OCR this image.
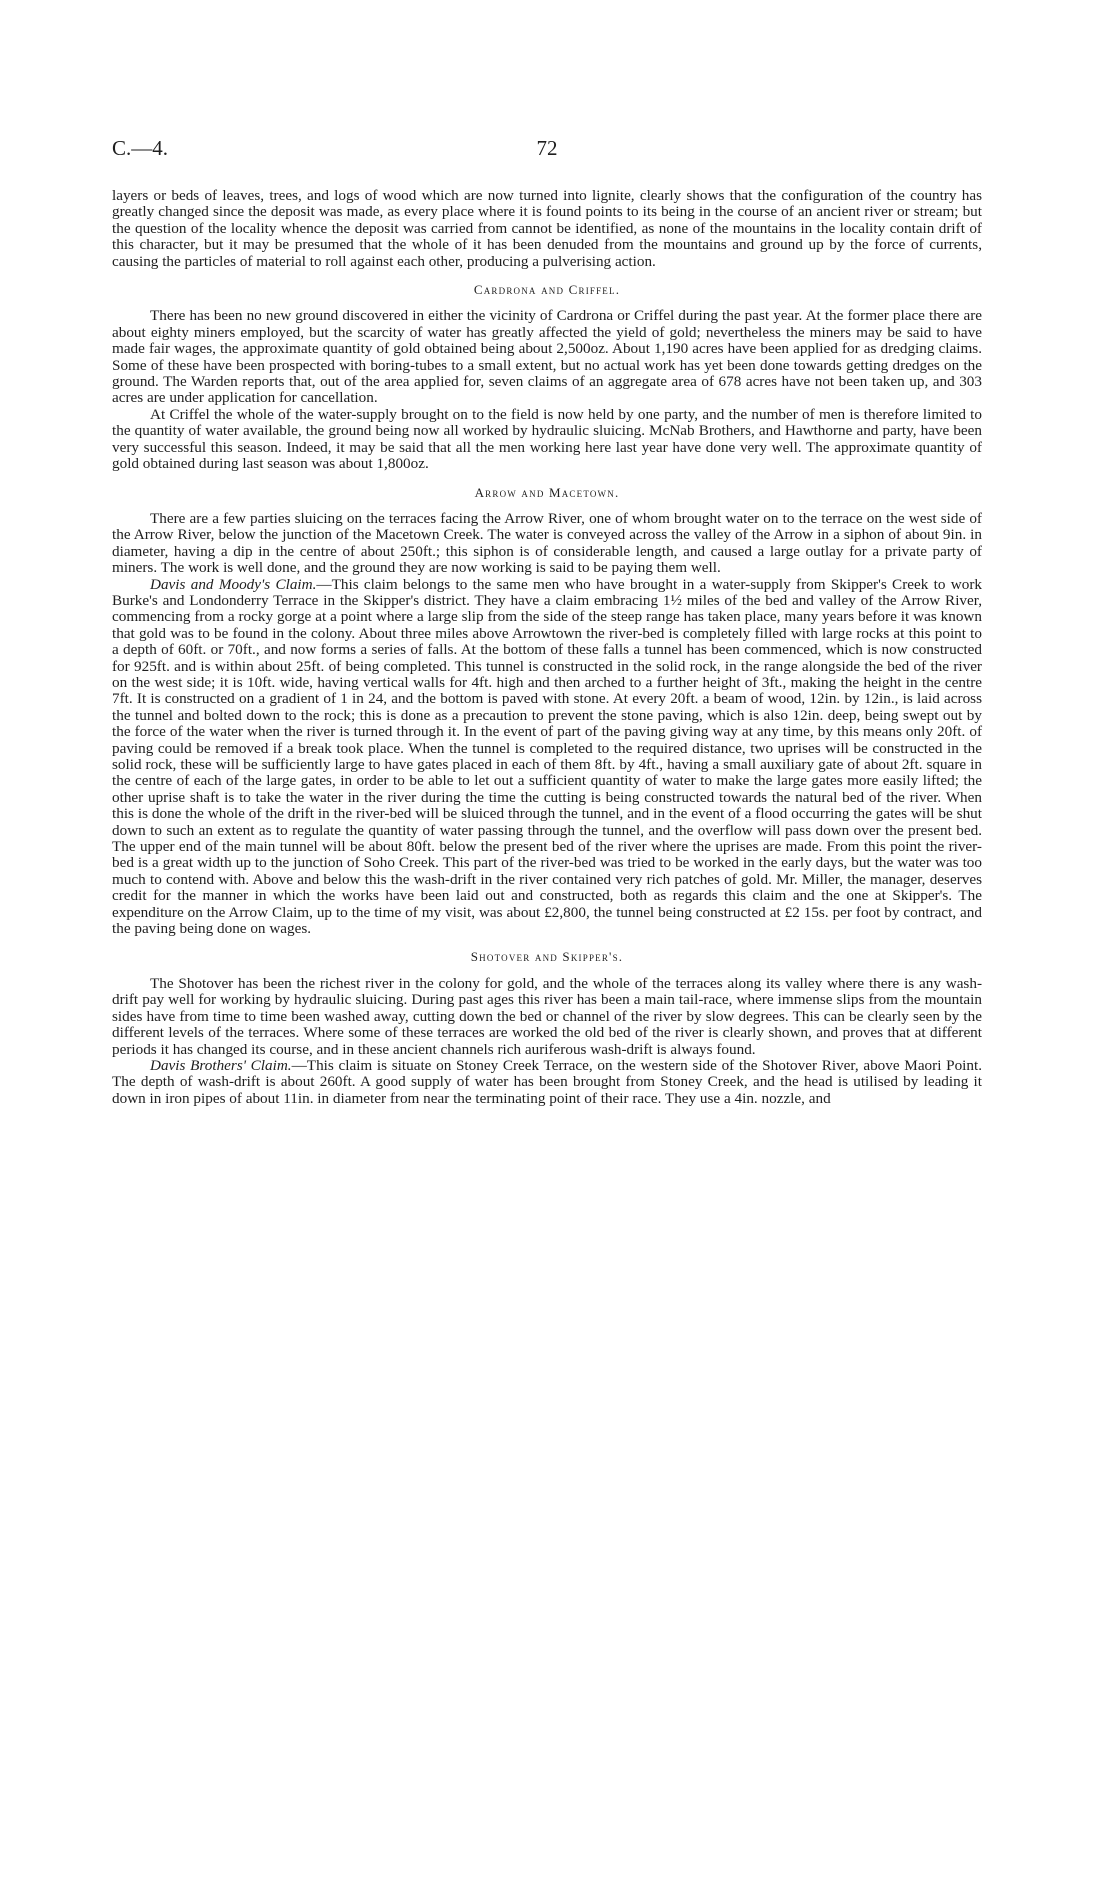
C.—4.	72

layers or beds of leaves, trees, and logs of wood which are now turned into lignite, clearly shows that the configuration of the country has greatly changed since the deposit was made, as every place where it is found points to its being in the course of an ancient river or stream; but the question of the locality whence the deposit was carried from cannot be identified, as none of the mountains in the locality contain drift of this character, but it may be presumed that the whole of it has been denuded from the mountains and ground up by the force of currents, causing the particles of material to roll against each other, producing a pulverising action.

Cardrona and Criffel.

There has been no new ground discovered in either the vicinity of Cardrona or Criffel during the past year. At the former place there are about eighty miners employed, but the scarcity of water has greatly affected the yield of gold; nevertheless the miners may be said to have made fair wages, the approximate quantity of gold obtained being about 2,500oz. About 1,190 acres have been applied for as dredging claims. Some of these have been prospected with boring-tubes to a small extent, but no actual work has yet been done towards getting dredges on the ground. The Warden reports that, out of the area applied for, seven claims of an aggregate area of 678 acres have not been taken up, and 303 acres are under application for cancellation.

At Criffel the whole of the water-supply brought on to the field is now held by one party, and the number of men is therefore limited to the quantity of water available, the ground being now all worked by hydraulic sluicing. McNab Brothers, and Hawthorne and party, have been very successful this season. Indeed, it may be said that all the men working here last year have done very well. The approximate quantity of gold obtained during last season was about 1,800oz.

Arrow and Macetown.

There are a few parties sluicing on the terraces facing the Arrow River, one of whom brought water on to the terrace on the west side of the Arrow River, below the junction of the Macetown Creek. The water is conveyed across the valley of the Arrow in a siphon of about 9in. in diameter, having a dip in the centre of about 250ft.; this siphon is of considerable length, and caused a large outlay for a private party of miners. The work is well done, and the ground they are now working is said to be paying them well.

Davis and Moody's Claim.—This claim belongs to the same men who have brought in a water-supply from Skipper's Creek to work Burke's and Londonderry Terrace in the Skipper's district. They have a claim embracing 1½ miles of the bed and valley of the Arrow River, commencing from a rocky gorge at a point where a large slip from the side of the steep range has taken place, many years before it was known that gold was to be found in the colony. About three miles above Arrowtown the river-bed is completely filled with large rocks at this point to a depth of 60ft. or 70ft., and now forms a series of falls. At the bottom of these falls a tunnel has been commenced, which is now constructed for 925ft. and is within about 25ft. of being completed. This tunnel is constructed in the solid rock, in the range alongside the bed of the river on the west side; it is 10ft. wide, having vertical walls for 4ft. high and then arched to a further height of 3ft., making the height in the centre 7ft. It is constructed on a gradient of 1 in 24, and the bottom is paved with stone. At every 20ft. a beam of wood, 12in. by 12in., is laid across the tunnel and bolted down to the rock; this is done as a precaution to prevent the stone paving, which is also 12in. deep, being swept out by the force of the water when the river is turned through it. In the event of part of the paving giving way at any time, by this means only 20ft. of paving could be removed if a break took place. When the tunnel is completed to the required distance, two uprises will be constructed in the solid rock, these will be sufficiently large to have gates placed in each of them 8ft. by 4ft., having a small auxiliary gate of about 2ft. square in the centre of each of the large gates, in order to be able to let out a sufficient quantity of water to make the large gates more easily lifted; the other uprise shaft is to take the water in the river during the time the cutting is being constructed towards the natural bed of the river. When this is done the whole of the drift in the river-bed will be sluiced through the tunnel, and in the event of a flood occurring the gates will be shut down to such an extent as to regulate the quantity of water passing through the tunnel, and the overflow will pass down over the present bed. The upper end of the main tunnel will be about 80ft. below the present bed of the river where the uprises are made. From this point the river-bed is a great width up to the junction of Soho Creek. This part of the river-bed was tried to be worked in the early days, but the water was too much to contend with. Above and below this the wash-drift in the river contained very rich patches of gold. Mr. Miller, the manager, deserves credit for the manner in which the works have been laid out and constructed, both as regards this claim and the one at Skipper's. The expenditure on the Arrow Claim, up to the time of my visit, was about £2,800, the tunnel being constructed at £2 15s. per foot by contract, and the paving being done on wages.

Shotover and Skipper's.

The Shotover has been the richest river in the colony for gold, and the whole of the terraces along its valley where there is any wash-drift pay well for working by hydraulic sluicing. During past ages this river has been a main tail-race, where immense slips from the mountain sides have from time to time been washed away, cutting down the bed or channel of the river by slow degrees. This can be clearly seen by the different levels of the terraces. Where some of these terraces are worked the old bed of the river is clearly shown, and proves that at different periods it has changed its course, and in these ancient channels rich auriferous wash-drift is always found.

Davis Brothers' Claim.—This claim is situate on Stoney Creek Terrace, on the western side of the Shotover River, above Maori Point. The depth of wash-drift is about 260ft. A good supply of water has been brought from Stoney Creek, and the head is utilised by leading it down in iron pipes of about 11in. in diameter from near the terminating point of their race. They use a 4in. nozzle, and
